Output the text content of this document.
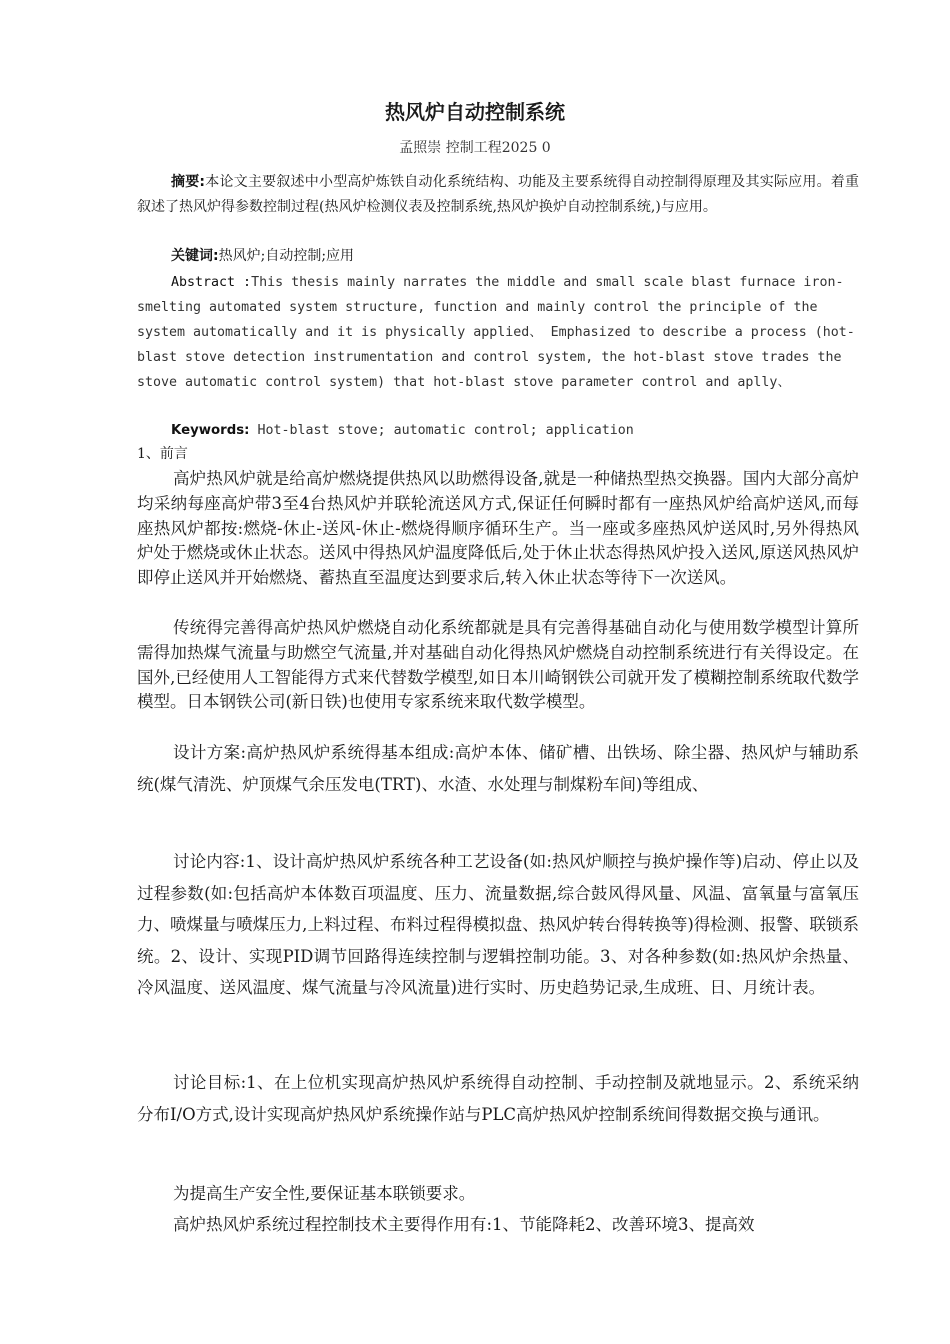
热风炉自动控制系统
孟照崇 控制工程2025 0

摘要:本论文主要叙述中小型高炉炼铁自动化系统结构、功能及主要系统得自动控制得原理及其实际应用。着重叙述了热风炉得参数控制过程(热风炉检测仪表及控制系统,热风炉换炉自动控制系统,)与应用。

关键词:热风炉;自动控制;应用

Abstract :This thesis mainly narrates the middle and small scale blast furnace iron-smelting automated system structure, function and mainly control the principle of the system automatically and it is physically applied、 Emphasized to describe a process (hot-blast stove detection instrumentation and control system, the hot-blast stove trades the stove automatic control system) that hot-blast stove parameter control and aplly、

Keywords: Hot-blast stove; automatic control; application

1、前言

高炉热风炉就是给高炉燃烧提供热风以助燃得设备,就是一种储热型热交换器。国内大部分高炉均采纳每座高炉带3至4台热风炉并联轮流送风方式,保证任何瞬时都有一座热风炉给高炉送风,而每座热风炉都按:燃烧-休止-送风-休止-燃烧得顺序循环生产。当一座或多座热风炉送风时,另外得热风炉处于燃烧或休止状态。送风中得热风炉温度降低后,处于休止状态得热风炉投入送风,原送风热风炉即停止送风并开始燃烧、蓄热直至温度达到要求后,转入休止状态等待下一次送风。

传统得完善得高炉热风炉燃烧自动化系统都就是具有完善得基础自动化与使用数学模型计算所需得加热煤气流量与助燃空气流量,并对基础自动化得热风炉燃烧自动控制系统进行有关得设定。在国外,已经使用人工智能得方式来代替数学模型,如日本川崎钢铁公司就开发了模糊控制系统取代数学模型。日本钢铁公司(新日铁)也使用专家系统来取代数学模型。

设计方案:高炉热风炉系统得基本组成:高炉本体、储矿槽、出铁场、除尘器、热风炉与辅助系统(煤气清洗、炉顶煤气余压发电(TRT)、水渣、水处理与制煤粉车间)等组成、

讨论内容:1、设计高炉热风炉系统各种工艺设备(如:热风炉顺控与换炉操作等)启动、停止以及过程参数(如:包括高炉本体数百项温度、压力、流量数据,综合鼓风得风量、风温、富氧量与富氧压力、喷煤量与喷煤压力,上料过程、布料过程得模拟盘、热风炉转台得转换等)得检测、报警、联锁系统。2、设计、实现PID调节回路得连续控制与逻辑控制功能。3、对各种参数(如:热风炉余热量、冷风温度、送风温度、煤气流量与冷风流量)进行实时、历史趋势记录,生成班、日、月统计表。

讨论目标:1、在上位机实现高炉热风炉系统得自动控制、手动控制及就地显示。2、系统采纳分布I/O方式,设计实现高炉热风炉系统操作站与PLC高炉热风炉控制系统间得数据交换与通讯。

为提高生产安全性,要保证基本联锁要求。

高炉热风炉系统过程控制技术主要得作用有:1、节能降耗2、改善环境3、提高效
